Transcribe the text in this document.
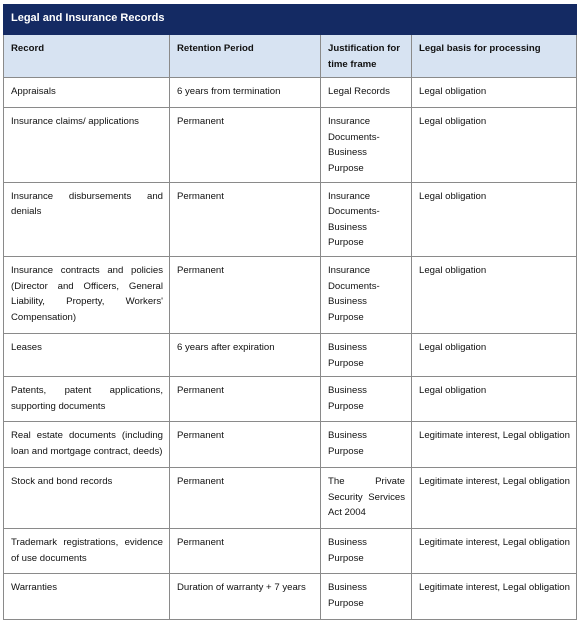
Legal and Insurance Records			
Record	Retention Period	Justification for time frame	Legal basis for processing
Appraisals	6 years from termination	Legal Records	Legal obligation
Insurance claims/ applications	Permanent	Insurance Documents- Business Purpose	Legal obligation
Insurance disbursements and denials	Permanent	Insurance Documents- Business Purpose	Legal obligation
Insurance contracts and policies (Director and Officers, General Liability, Property, Workers' Compensation)	Permanent	Insurance Documents- Business Purpose	Legal obligation
Leases	6 years after expiration	Business Purpose	Legal obligation
Patents, patent applications, supporting documents	Permanent	Business Purpose	Legal obligation
Real estate documents (including loan and mortgage contract, deeds)	Permanent	Business Purpose	Legitimate interest, Legal obligation
Stock and bond records	Permanent	The Private Security Services Act 2004	Legitimate interest, Legal obligation
Trademark registrations, evidence of use documents	Permanent	Business Purpose	Legitimate interest, Legal obligation
Warranties	Duration of warranty + 7 years	Business Purpose	Legitimate interest, Legal obligation
